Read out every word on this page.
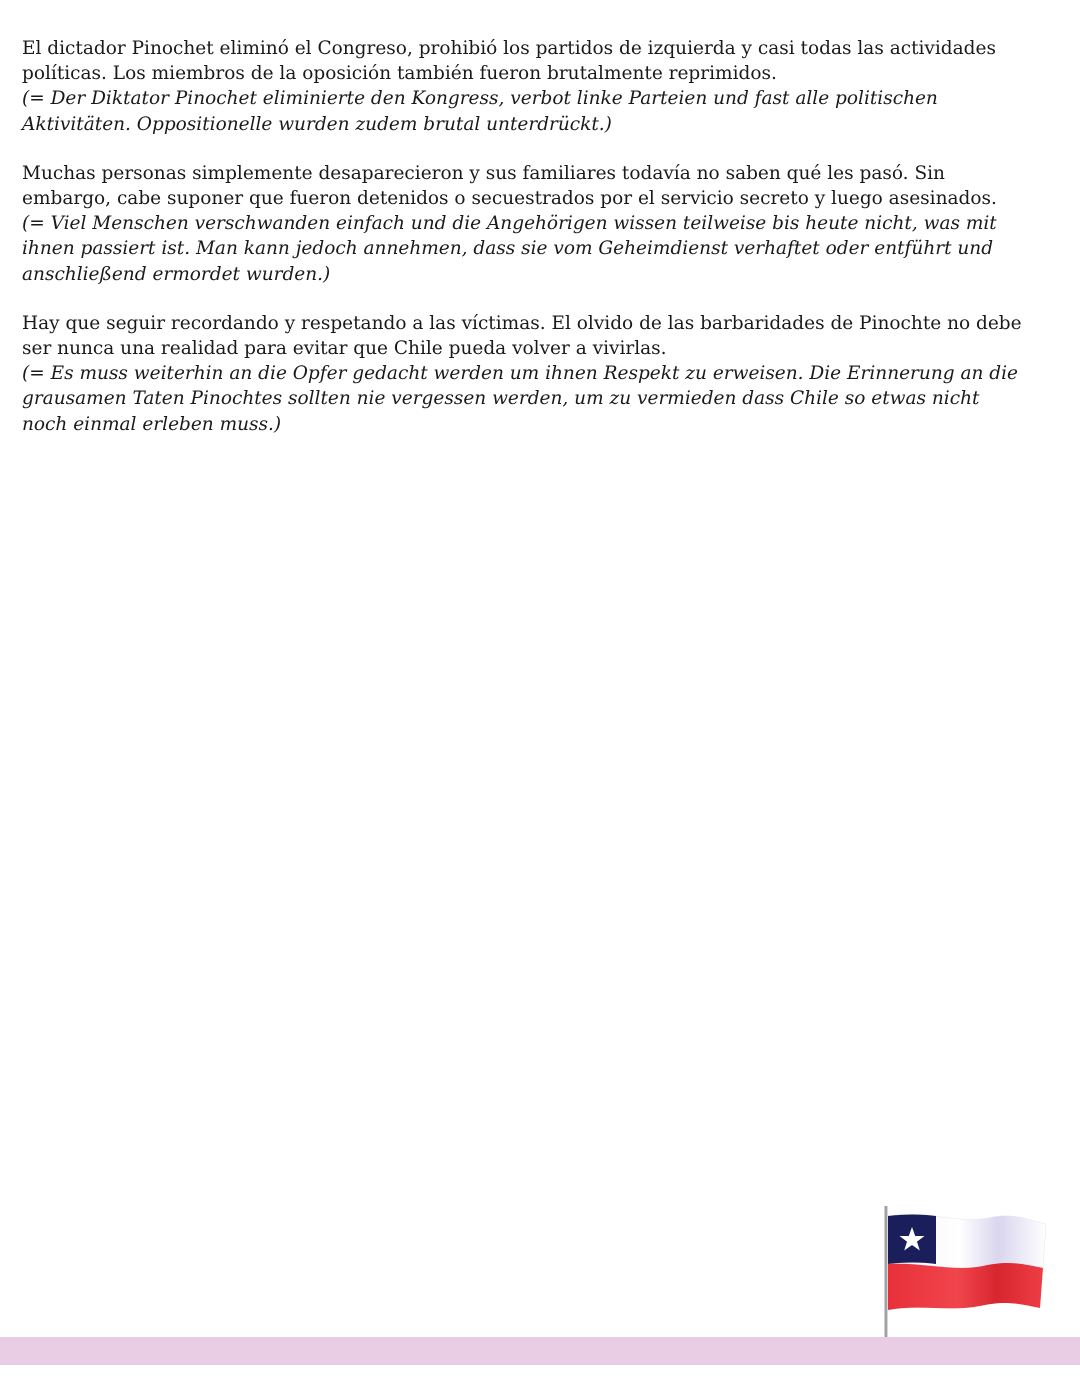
El dictador Pinochet eliminó el Congreso, prohibió los partidos de izquierda y casi todas las actividades políticas. Los miembros de la oposición también fueron brutalmente reprimidos.

(= Der Diktator Pinochet eliminierte den Kongress, verbot linke Parteien und fast alle politischen Aktivitäten. Oppositionelle wurden zudem brutal unterdrückt.)

Muchas personas simplemente desaparecieron y sus familiares todavía no saben qué les pasó. Sin embargo, cabe suponer que fueron detenidos o secuestrados por el servicio secreto y luego asesinados.

(= Viel Menschen verschwanden einfach und die Angehörigen wissen teilweise bis heute nicht, was mit ihnen passiert ist. Man kann jedoch annehmen, dass sie vom Geheimdienst verhaftet oder entführt und anschließend ermordet wurden.)

Hay que seguir recordando y respetando a las víctimas. El olvido de las barbaridades de Pinochte no debe ser nunca una realidad para evitar que Chile pueda volver a vivirlas.

(= Es muss weiterhin an die Opfer gedacht werden um ihnen Respekt zu erweisen. Die Erinnerung an die grausamen Taten Pinochtes sollten nie vergessen werden, um zu vermieden dass Chile so etwas nicht noch einmal erleben muss.)
